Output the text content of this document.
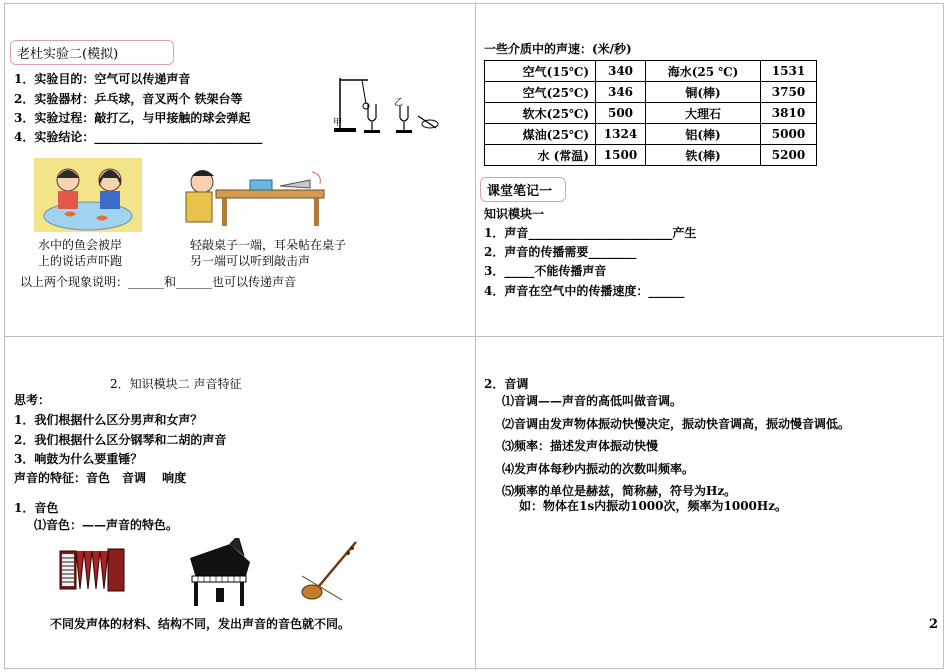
老杜实验二(模拟)
1．实验目的：空气可以传递声音
2．实验器材：乒乓球，音叉两个 铁架台等
3．实验过程：敲打乙，与甲接触的球会弹起
4．实验结论：____________________________
甲
乙
水中的鱼会被岸
上的说话声吓跑
轻敲桌子一端，耳朵帖在桌子
另一端可以听到敲击声
以上两个现象说明：______和______也可以传递声音
一些介质中的声速：(米/秒)
空气(15℃)	340	海水(25 ℃)	1531
空气(25℃)	346	铜(棒)	3750
软木(25℃)	500	大理石	3810
煤油(25℃)	1324	铝(棒)	5000
水 (常温)	1500	铁(棒)	5200
课堂笔记一
知识模块一
1．声音________________________产生
2．声音的传播需要________
3．_____不能传播声音
4．声音在空气中的传播速度：______
2．知识模块二 声音特征
思考：
1．我们根据什么区分男声和女声？
2．我们根据什么区分钢琴和二胡的声音
3．响鼓为什么要重锤？
声音的特征：音色　音调　 响度
1．音色
⑴音色：——声音的特色。
不同发声体的材料、结构不同，发出声音的音色就不同。
2．音调
⑴音调——声音的高低叫做音调。
⑵音调由发声物体振动快慢决定，振动快音调高，振动慢音调低。
⑶频率：描述发声体振动快慢
⑷发声体每秒内振动的次数叫频率。
⑸频率的单位是赫兹，简称赫，符号为Hz。
如：物体在1s内振动1000次，频率为1000Hz。
2
